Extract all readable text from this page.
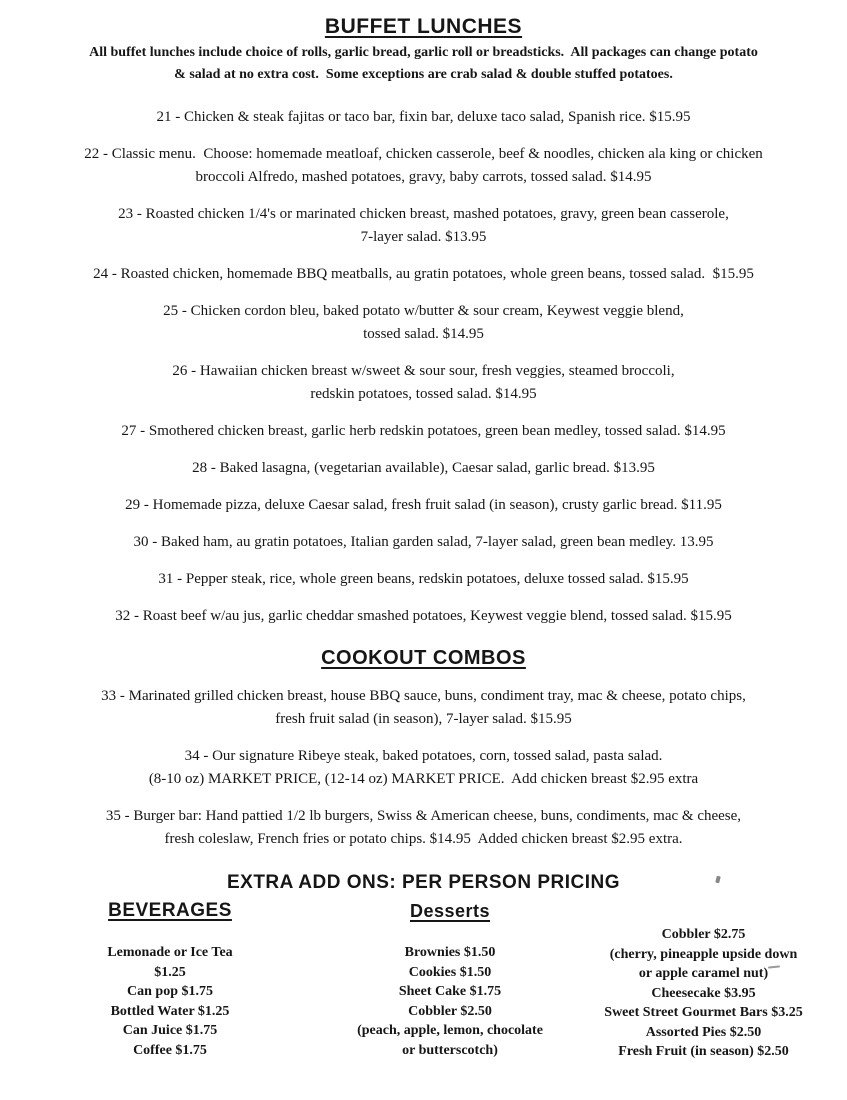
BUFFET LUNCHES
All buffet lunches include choice of rolls, garlic bread, garlic roll or breadsticks.  All packages can change potato
& salad at no extra cost.  Some exceptions are crab salad & double stuffed potatoes.
21 - Chicken & steak fajitas or taco bar, fixin bar, deluxe taco salad, Spanish rice. $15.95
22 - Classic menu.  Choose: homemade meatloaf, chicken casserole, beef & noodles, chicken ala king or chicken
broccoli Alfredo, mashed potatoes, gravy, baby carrots, tossed salad. $14.95
23 - Roasted chicken 1/4's or marinated chicken breast, mashed potatoes, gravy, green bean casserole,
7-layer salad. $13.95
24 - Roasted chicken, homemade BBQ meatballs, au gratin potatoes, whole green beans, tossed salad.  $15.95
25 - Chicken cordon bleu, baked potato w/butter & sour cream, Keywest veggie blend,
tossed salad. $14.95
26 - Hawaiian chicken breast w/sweet & sour sour, fresh veggies, steamed broccoli,
redskin potatoes, tossed salad. $14.95
27 - Smothered chicken breast, garlic herb redskin potatoes, green bean medley, tossed salad. $14.95
28 - Baked lasagna, (vegetarian available), Caesar salad, garlic bread. $13.95
29 - Homemade pizza, deluxe Caesar salad, fresh fruit salad (in season), crusty garlic bread. $11.95
30 - Baked ham, au gratin potatoes, Italian garden salad, 7-layer salad, green bean medley. 13.95
31 - Pepper steak, rice, whole green beans, redskin potatoes, deluxe tossed salad. $15.95
32 - Roast beef w/au jus, garlic cheddar smashed potatoes, Keywest veggie blend, tossed salad. $15.95
COOKOUT COMBOS
33 - Marinated grilled chicken breast, house BBQ sauce, buns, condiment tray, mac & cheese, potato chips,
fresh fruit salad (in season), 7-layer salad. $15.95
34 - Our signature Ribeye steak, baked potatoes, corn, tossed salad, pasta salad.
(8-10 oz) MARKET PRICE, (12-14 oz) MARKET PRICE.  Add chicken breast $2.95 extra
35 - Burger bar: Hand pattied 1/2 lb burgers, Swiss & American cheese, buns, condiments, mac & cheese,
fresh coleslaw, French fries or potato chips. $14.95  Added chicken breast $2.95 extra.
EXTRA ADD ONS: PER PERSON PRICING
BEVERAGES
Lemonade or Ice Tea
$1.25
Can pop $1.75
Bottled Water $1.25
Can Juice $1.75
Coffee $1.75
Desserts
Brownies $1.50
Cookies $1.50
Sheet Cake $1.75
Cobbler $2.50
(peach, apple, lemon, chocolate
or butterscotch)
Cobbler $2.75
(cherry, pineapple upside down
or apple caramel nut)
Cheesecake $3.95
Sweet Street Gourmet Bars $3.25
Assorted Pies $2.50
Fresh Fruit (in season) $2.50
